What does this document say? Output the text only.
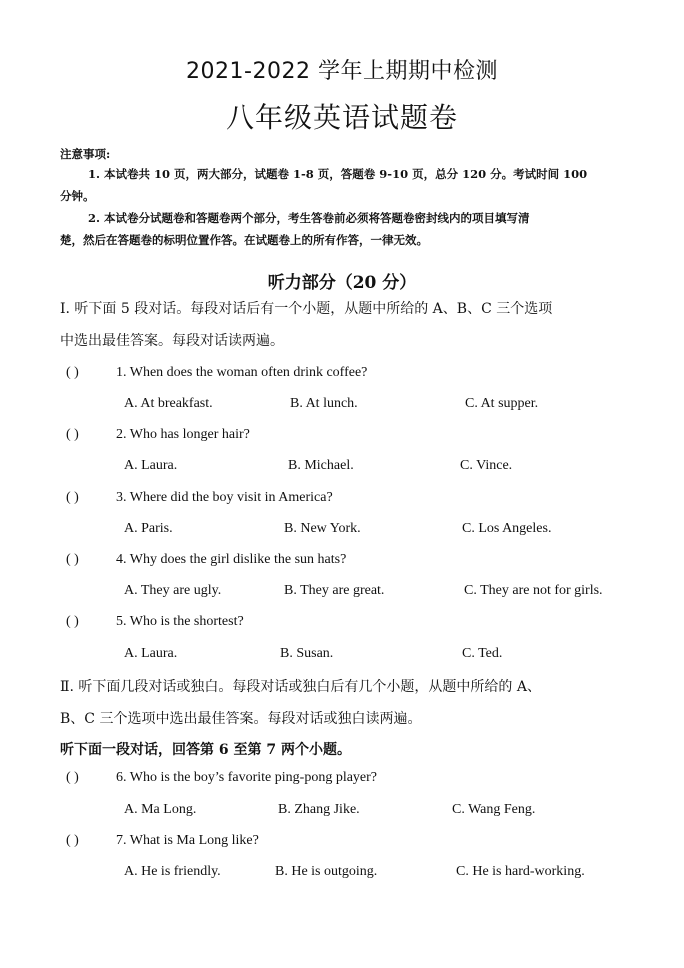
2021-2022 学年上期期中检测
八年级英语试题卷
注意事项:
1. 本试卷共 10 页，两大部分，试题卷 1-8 页，答题卷 9-10 页，总分 120 分。考试时间 100
分钟。
2. 本试卷分试题卷和答题卷两个部分，考生答卷前必须将答题卷密封线内的项目填写清
楚，然后在答题卷的标明位置作答。在试题卷上的所有作答，一律无效。
听力部分（20 分）
Ⅰ. 听下面 5 段对话。每段对话后有一个小题，从题中所给的 A、B、C 三个选项
中选出最佳答案。每段对话读两遍。
( )	1. When does the woman often drink coffee?
A. At breakfast.	B. At lunch.	C. At supper.
( )	2. Who has longer hair?
A. Laura.	B. Michael.	C. Vince.
( )	3. Where did the boy visit in America?
A. Paris.	B. New York.	C. Los Angeles.
( )	4. Why does the girl dislike the sun hats?
A. They are ugly.	B. They are great.	C. They are not for girls.
( )	5. Who is the shortest?
A. Laura.	B. Susan.	C. Ted.
Ⅱ. 听下面几段对话或独白。每段对话或独白后有几个小题，从题中所给的 A、
B、C 三个选项中选出最佳答案。每段对话或独白读两遍。
听下面一段对话，回答第 6 至第 7 两个小题。
( )	6. Who is the boy’s favorite ping-pong player?
A. Ma Long.	B. Zhang Jike.	C. Wang Feng.
( )	7. What is Ma Long like?
A. He is friendly.	B. He is outgoing.	C. He is hard-working.
